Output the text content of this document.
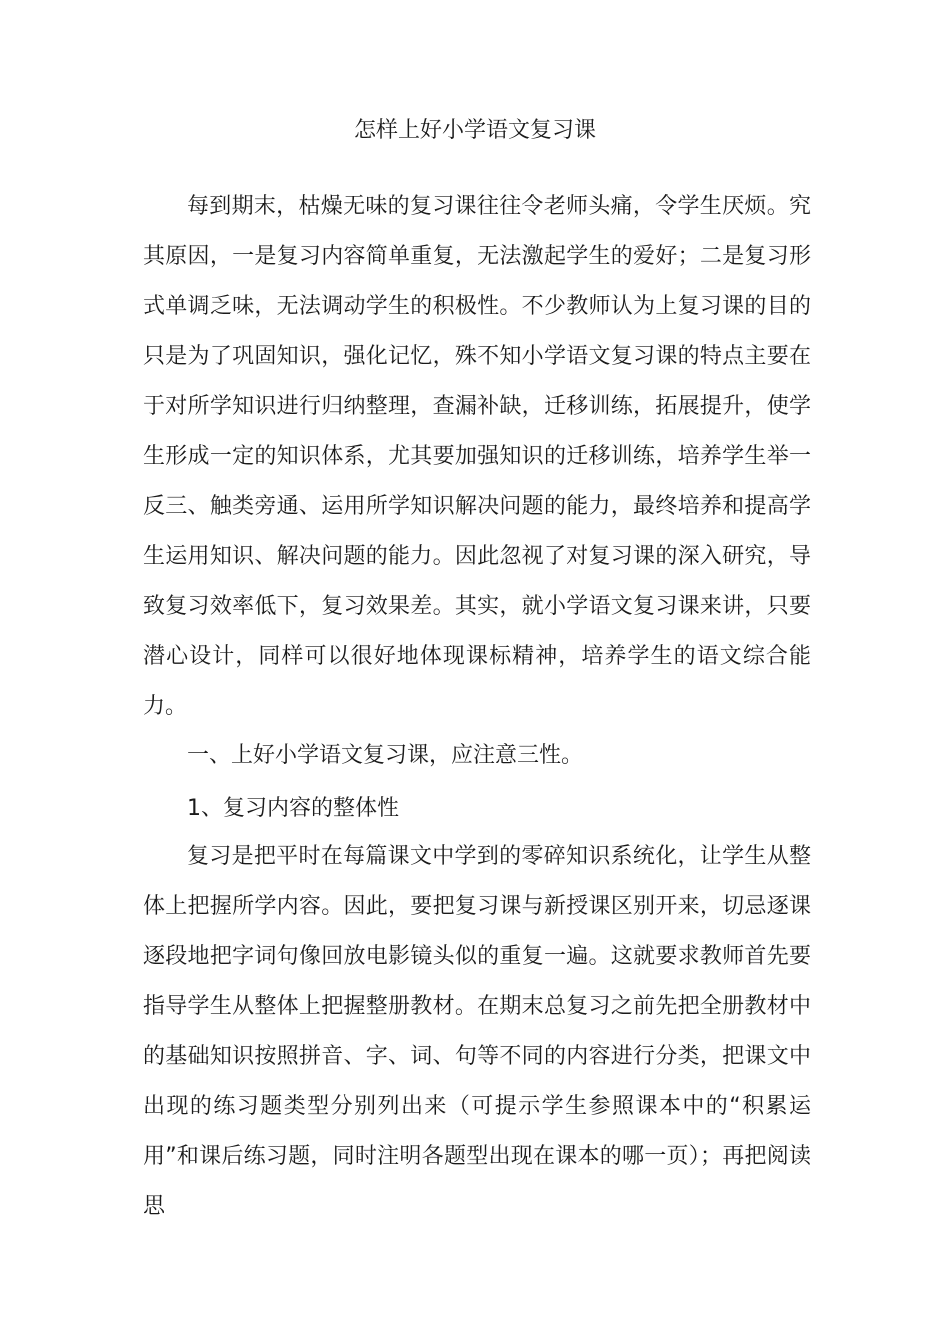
怎样上好小学语文复习课

每到期末，枯燥无味的复习课往往令老师头痛，令学生厌烦。究其原因，一是复习内容简单重复，无法激起学生的爱好；二是复习形式单调乏味，无法调动学生的积极性。不少教师认为上复习课的目的只是为了巩固知识，强化记忆，殊不知小学语文复习课的特点主要在于对所学知识进行归纳整理，查漏补缺，迁移训练，拓展提升，使学生形成一定的知识体系，尤其要加强知识的迁移训练，培养学生举一反三、触类旁通、运用所学知识解决问题的能力，最终培养和提高学生运用知识、解决问题的能力。因此忽视了对复习课的深入研究，导致复习效率低下，复习效果差。其实，就小学语文复习课来讲，只要潜心设计，同样可以很好地体现课标精神，培养学生的语文综合能力。

一、上好小学语文复习课，应注意三性。
1、复习内容的整体性

复习是把平时在每篇课文中学到的零碎知识系统化，让学生从整体上把握所学内容。因此，要把复习课与新授课区别开来，切忌逐课逐段地把字词句像回放电影镜头似的重复一遍。这就要求教师首先要指导学生从整体上把握整册教材。在期末总复习之前先把全册教材中的基础知识按照拼音、字、词、句等不同的内容进行分类，把课文中出现的练习题类型分别列出来（可提示学生参照课本中的“积累运用”和课后练习题，同时注明各题型出现在课本的哪一页）；再把阅读思
